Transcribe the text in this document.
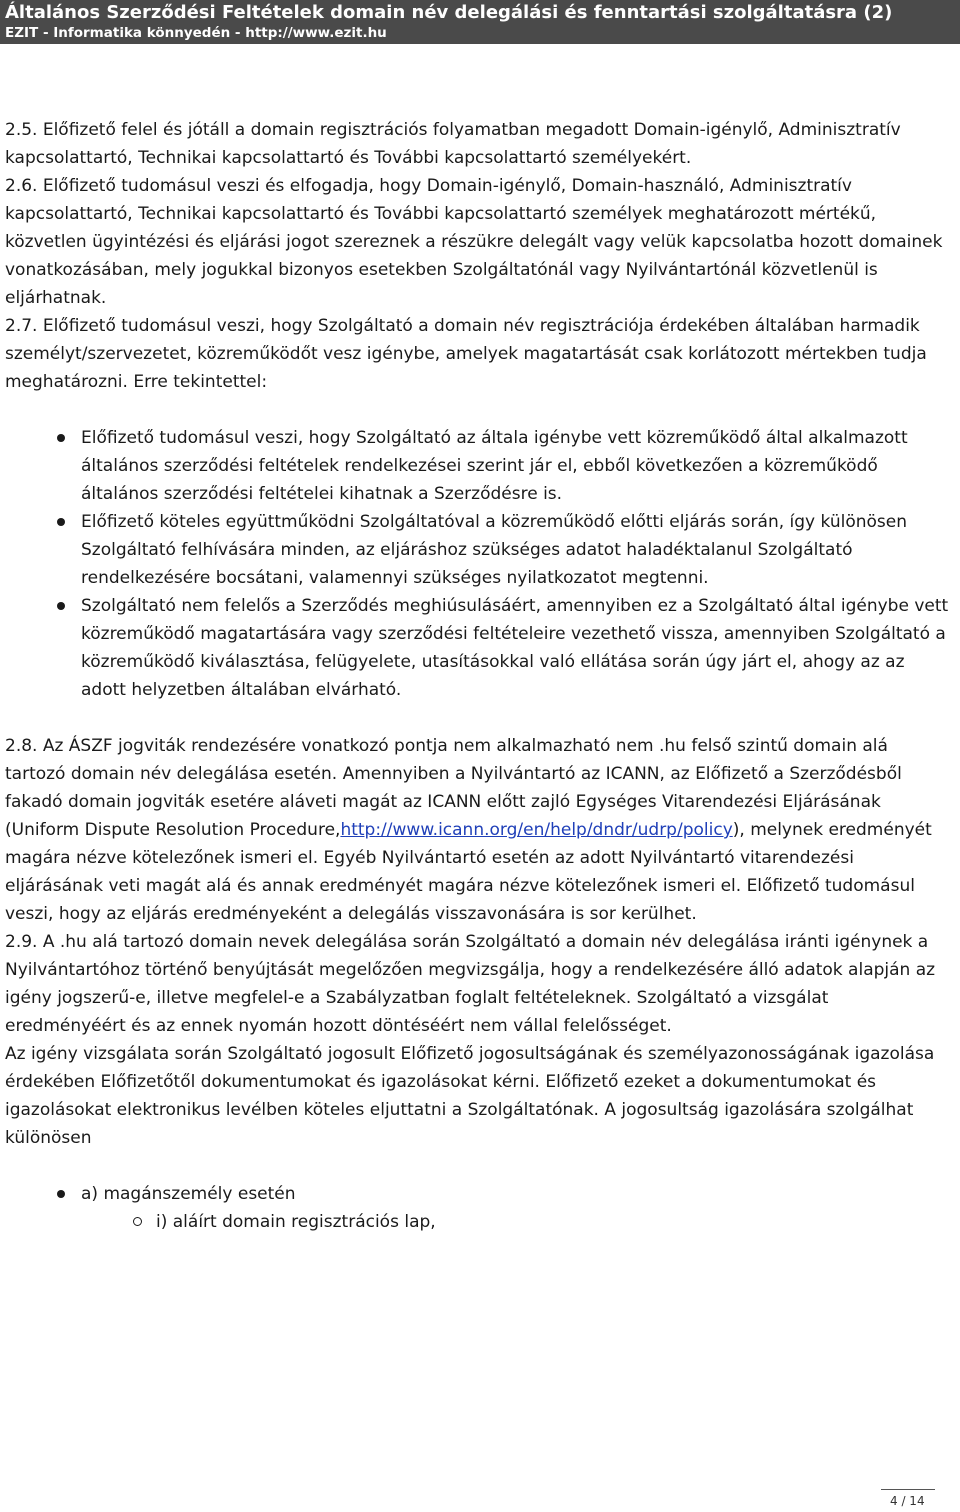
Általános Szerződési Feltételek domain név delegálási és fenntartási szolgáltatásra (2)
EZIT - Informatika könnyedén - http://www.ezit.hu

2.5. Előfizető felel és jótáll a domain regisztrációs folyamatban megadott Domain-igénylő, Adminisztratív kapcsolattartó, Technikai kapcsolattartó és További kapcsolattartó személyekért.

2.6. Előfizető tudomásul veszi és elfogadja, hogy Domain-igénylő, Domain-használó, Adminisztratív kapcsolattartó, Technikai kapcsolattartó és További kapcsolattartó személyek meghatározott mértékű, közvetlen ügyintézési és eljárási jogot szereznek a részükre delegált vagy velük kapcsolatba hozott domainek vonatkozásában, mely jogukkal bizonyos esetekben Szolgáltatónál vagy Nyilvántartónál közvetlenül is eljárhatnak.

2.7. Előfizető tudomásul veszi, hogy Szolgáltató a domain név regisztrációja érdekében általában harmadik személyt/szervezetet, közreműködőt vesz igénybe, amelyek magatartását csak korlátozott mértekben tudja meghatározni. Erre tekintettel:

Előfizető tudomásul veszi, hogy Szolgáltató az általa igénybe vett közreműködő által alkalmazott általános szerződési feltételek rendelkezései szerint jár el, ebből következően a közreműködő általános szerződési feltételei kihatnak a Szerződésre is.
Előfizető köteles együttműködni Szolgáltatóval a közreműködő előtti eljárás során, így különösen Szolgáltató felhívására minden, az eljáráshoz szükséges adatot haladéktalanul Szolgáltató rendelkezésére bocsátani, valamennyi szükséges nyilatkozatot megtenni.
Szolgáltató nem felelős a Szerződés meghiúsulásáért, amennyiben ez a Szolgáltató által igénybe vett közreműködő magatartására vagy szerződési feltételeire vezethető vissza, amennyiben Szolgáltató a közreműködő kiválasztása, felügyelete, utasításokkal való ellátása során úgy járt el, ahogy az az adott helyzetben általában elvárható.

2.8. Az ÁSZF jogviták rendezésére vonatkozó pontja nem alkalmazható nem .hu felső szintű domain alá tartozó domain név delegálása esetén. Amennyiben a Nyilvántartó az ICANN, az Előfizető a Szerződésből fakadó domain jogviták esetére aláveti magát az ICANN előtt zajló Egységes Vitarendezési Eljárásának (Uniform Dispute Resolution Procedure,http://www.icann.org/en/help/dndr/udrp/policy), melynek eredményét magára nézve kötelezőnek ismeri el. Egyéb Nyilvántartó esetén az adott Nyilvántartó vitarendezési eljárásának veti magát alá és annak eredményét magára nézve kötelezőnek ismeri el. Előfizető tudomásul veszi, hogy az eljárás eredményeként a delegálás visszavonására is sor kerülhet.

2.9. A .hu alá tartozó domain nevek delegálása során Szolgáltató a domain név delegálása iránti igénynek a Nyilvántartóhoz történő benyújtását megelőzően megvizsgálja, hogy a rendelkezésére álló adatok alapján az igény jogszerű-e, illetve megfelel-e a Szabályzatban foglalt feltételeknek. Szolgáltató a vizsgálat eredményéért és az ennek nyomán hozott döntéséért nem vállal felelősséget.

Az igény vizsgálata során Szolgáltató jogosult Előfizető jogosultságának és személyazonosságának igazolása érdekében Előfizetőtől dokumentumokat és igazolásokat kérni. Előfizető ezeket a dokumentumokat és igazolásokat elektronikus levélben köteles eljuttatni a Szolgáltatónak. A jogosultság igazolására szolgálhat különösen

a) magánszemély esetén
i) aláírt domain regisztrációs lap,
4 / 14
